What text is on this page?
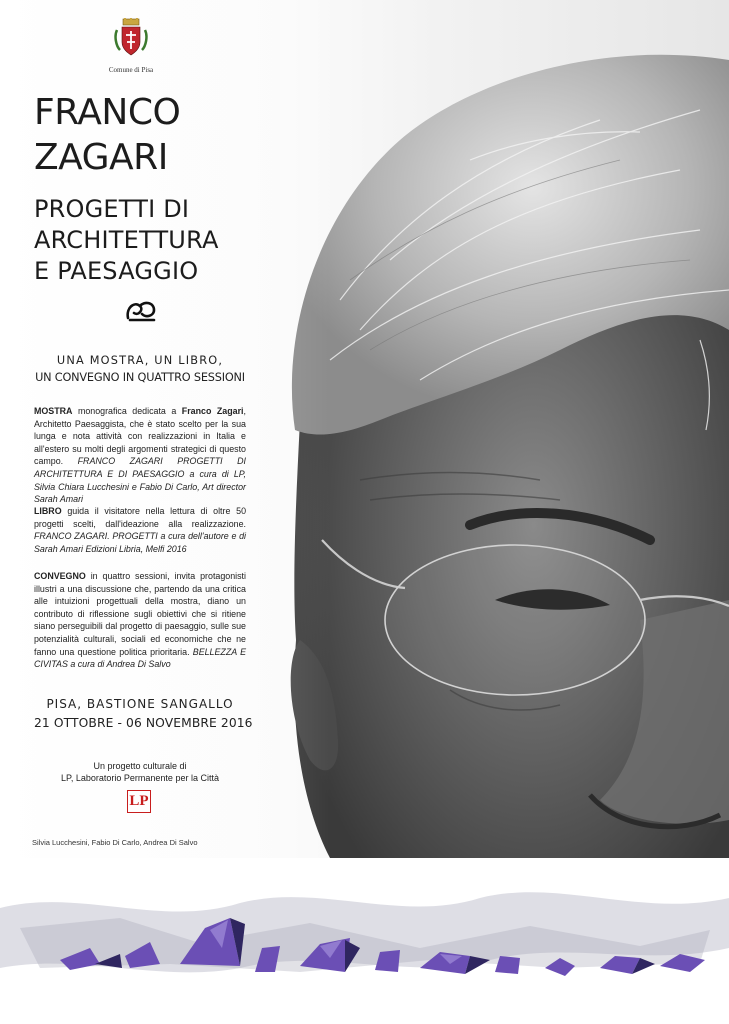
Comune di Pisa
FRANCO
ZAGARI
PROGETTI DI
ARCHITETTURA
E PAESAGGIO
UNA MOSTRA, UN LIBRO,
UN CONVEGNO IN QUATTRO SESSIONI
MOSTRA monografica dedicata a Franco Zagari, Architetto Paesaggista, che è stato scelto per la sua lunga e nota attività con realizzazioni in Italia e all'estero su molti degli argomenti strategici di questo campo. FRANCO ZAGARI PROGETTI DI ARCHITETTURA E DI PAESAGGIO a cura di LP, Silvia Chiara Lucchesini e Fabio Di Carlo, Art director Sarah Amari
LIBRO guida il visitatore nella lettura di oltre 50 progetti scelti, dall'ideazione alla realizzazione. FRANCO ZAGARI. PROGETTI a cura dell'autore e di Sarah Amari Edizioni Libria, Melfi 2016
CONVEGNO in quattro sessioni, invita protagonisti illustri a una discussione che, partendo da una critica alle intuizioni progettuali della mostra, diano un contributo di riflessione sugli obiettivi che si ritiene siano perseguibili dal progetto di paesaggio, sulle sue potenzialità culturali, sociali ed economiche che ne fanno una questione politica prioritaria. BELLEZZA E CIVITAS a cura di Andrea Di Salvo
PISA, BASTIONE SANGALLO
21 OTTOBRE - 06 NOVEMBRE 2016
Un progetto culturale di
LP, Laboratorio Permanente per la Città
LP
Silvia Lucchesini, Fabio Di Carlo, Andrea Di Salvo
